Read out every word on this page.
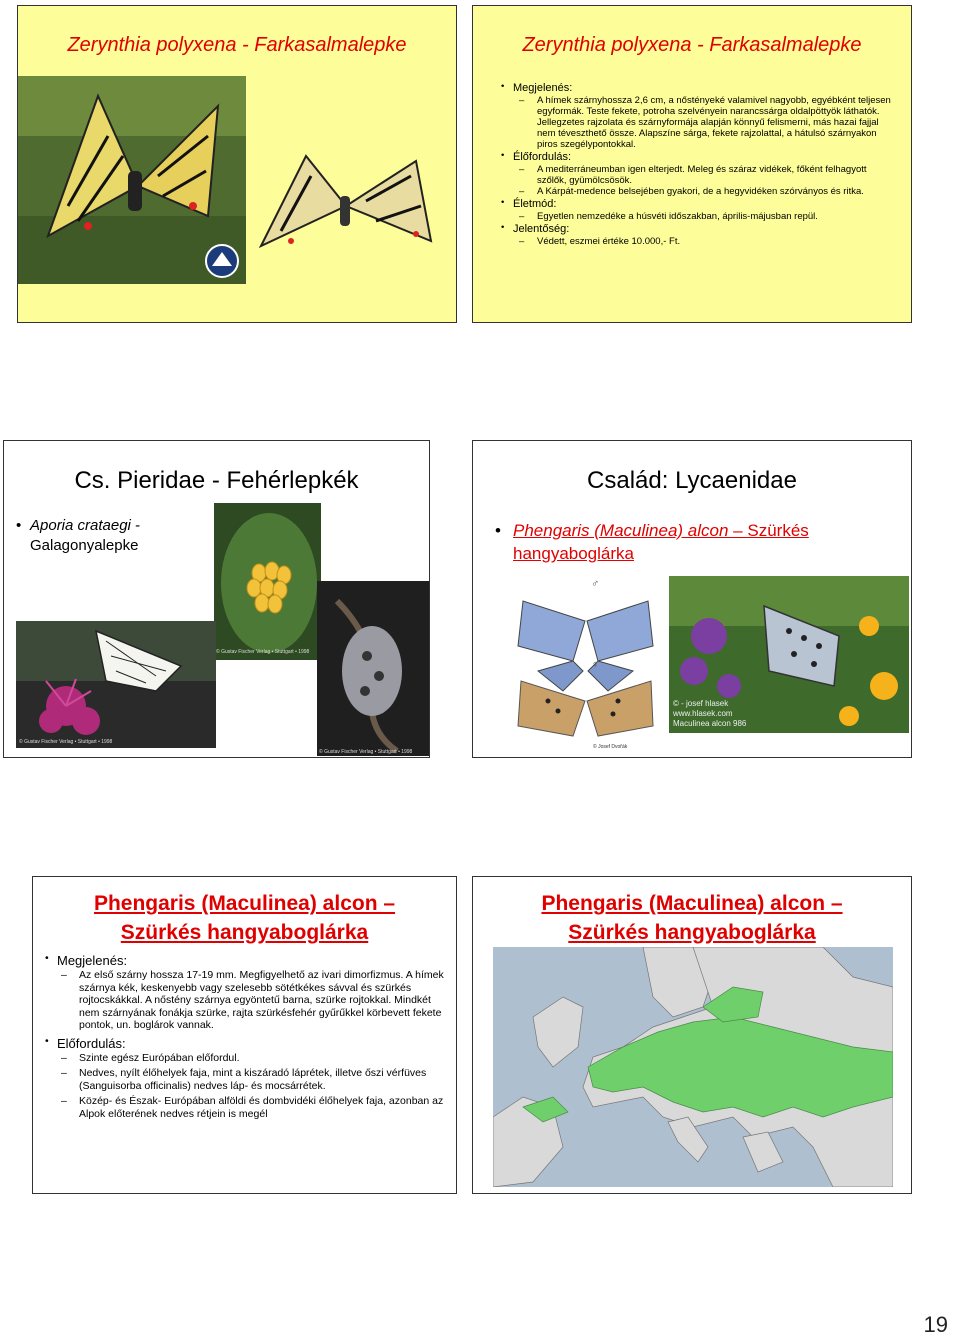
Zerynthia polyxena - Farkasalmalepke	Zerynthia polyxena - Farkasalmalepke
• Megjelenés:
– A hímek szárnyhossza 2,6 cm, a nőstényeké valamivel nagyobb, egyébként teljesen egyformák. Teste fekete, potroha szelvényein narancssárga oldalpöttyök láthatók. Jellegzetes rajzolata és szárnyformája alapján könnyű felismerni, más hazai fajjal nem téveszthető össze. Alapszíne sárga, fekete rajzolattal, a hátulsó szárnyakon piros szegélypontokkal.
• Élőfordulás:
– A mediterráneumban igen elterjedt. Meleg és száraz vidékek, főként felhagyott szőlők, gyümölcsösök.
– A Kárpát-medence belsejében gyakori, de a hegyvidéken szórványos és ritka.
• Életmód:
– Egyetlen nemzedéke a húsvéti időszakban, április-májusban repül.
• Jelentőség:
– Védett, eszmei értéke 10.000,- Ft.
Cs. Pieridae - Fehérlepkék
• Aporia crataegi - Galagonyalepke
© Gustav Fischer Verlag • Stuttgart • 1998
© Gustav Fischer Verlag • Stuttgart • 1998
© Gustav Fischer Verlag • Stuttgart • 1998
Család: Lycaenidae
• Phengaris (Maculinea) alcon – Szürkés hangyaboglárka
♂
♀
© Josef Dvořák
© - josef hlasek
www.hlasek.com
Maculinea alcon 986
Phengaris (Maculinea) alcon –
Szürkés hangyaboglárka
• Megjelenés:
– Az első szárny hossza 17-19 mm. Megfigyelhető az ivari dimorfizmus. A hímek szárnya kék, keskenyebb vagy szelesebb sötétkékes sávval és szürkés rojtocskákkal. A nőstény szárnya egyöntetű barna, szürke rojtokkal. Mindkét nem szárnyának fonákja szürke, rajta szürkésfehér gyűrűkkel körbevett fekete pontok, un. boglárok vannak.
• Előfordulás:
– Szinte egész Európában előfordul.
– Nedves, nyílt élőhelyek faja, mint a kiszáradó láprétek, illetve őszi vérfüves (Sanguisorba officinalis) nedves láp- és mocsárrétek.
– Közép- és Észak- Európában alföldi és dombvidéki élőhelyek faja, azonban az Alpok előterének nedves rétjein is megél
Phengaris (Maculinea) alcon –
Szürkés hangyaboglárka
19
